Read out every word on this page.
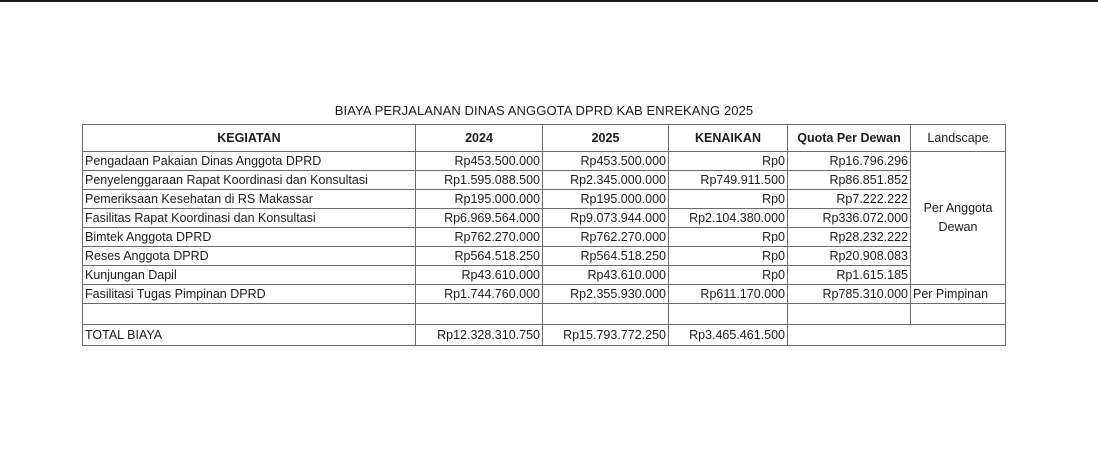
BIAYA PERJALANAN DINAS ANGGOTA DPRD KAB ENREKANG 2025
KEGIATAN	2024	2025	KENAIKAN	Quota Per Dewan	Landscape
Pengadaan Pakaian Dinas Anggota DPRD	Rp453.500.000	Rp453.500.000	Rp0	Rp16.796.296	Per Anggota Dewan
Penyelenggaraan Rapat Koordinasi dan Konsultasi	Rp1.595.088.500	Rp2.345.000.000	Rp749.911.500	Rp86.851.852	
Pemeriksaan Kesehatan di RS Makassar	Rp195.000.000	Rp195.000.000	Rp0	Rp7.222.222	
Fasilitas Rapat Koordinasi dan Konsultasi	Rp6.969.564.000	Rp9.073.944.000	Rp2.104.380.000	Rp336.072.000	
Bimtek Anggota DPRD	Rp762.270.000	Rp762.270.000	Rp0	Rp28.232.222	
Reses Anggota DPRD	Rp564.518.250	Rp564.518.250	Rp0	Rp20.908.083	
Kunjungan Dapil	Rp43.610.000	Rp43.610.000	Rp0	Rp1.615.185	
Fasilitasi Tugas Pimpinan DPRD	Rp1.744.760.000	Rp2.355.930.000	Rp611.170.000	Rp785.310.000	Per Pimpinan

TOTAL BIAYA	Rp12.328.310.750	Rp15.793.772.250	Rp3.465.461.500		
